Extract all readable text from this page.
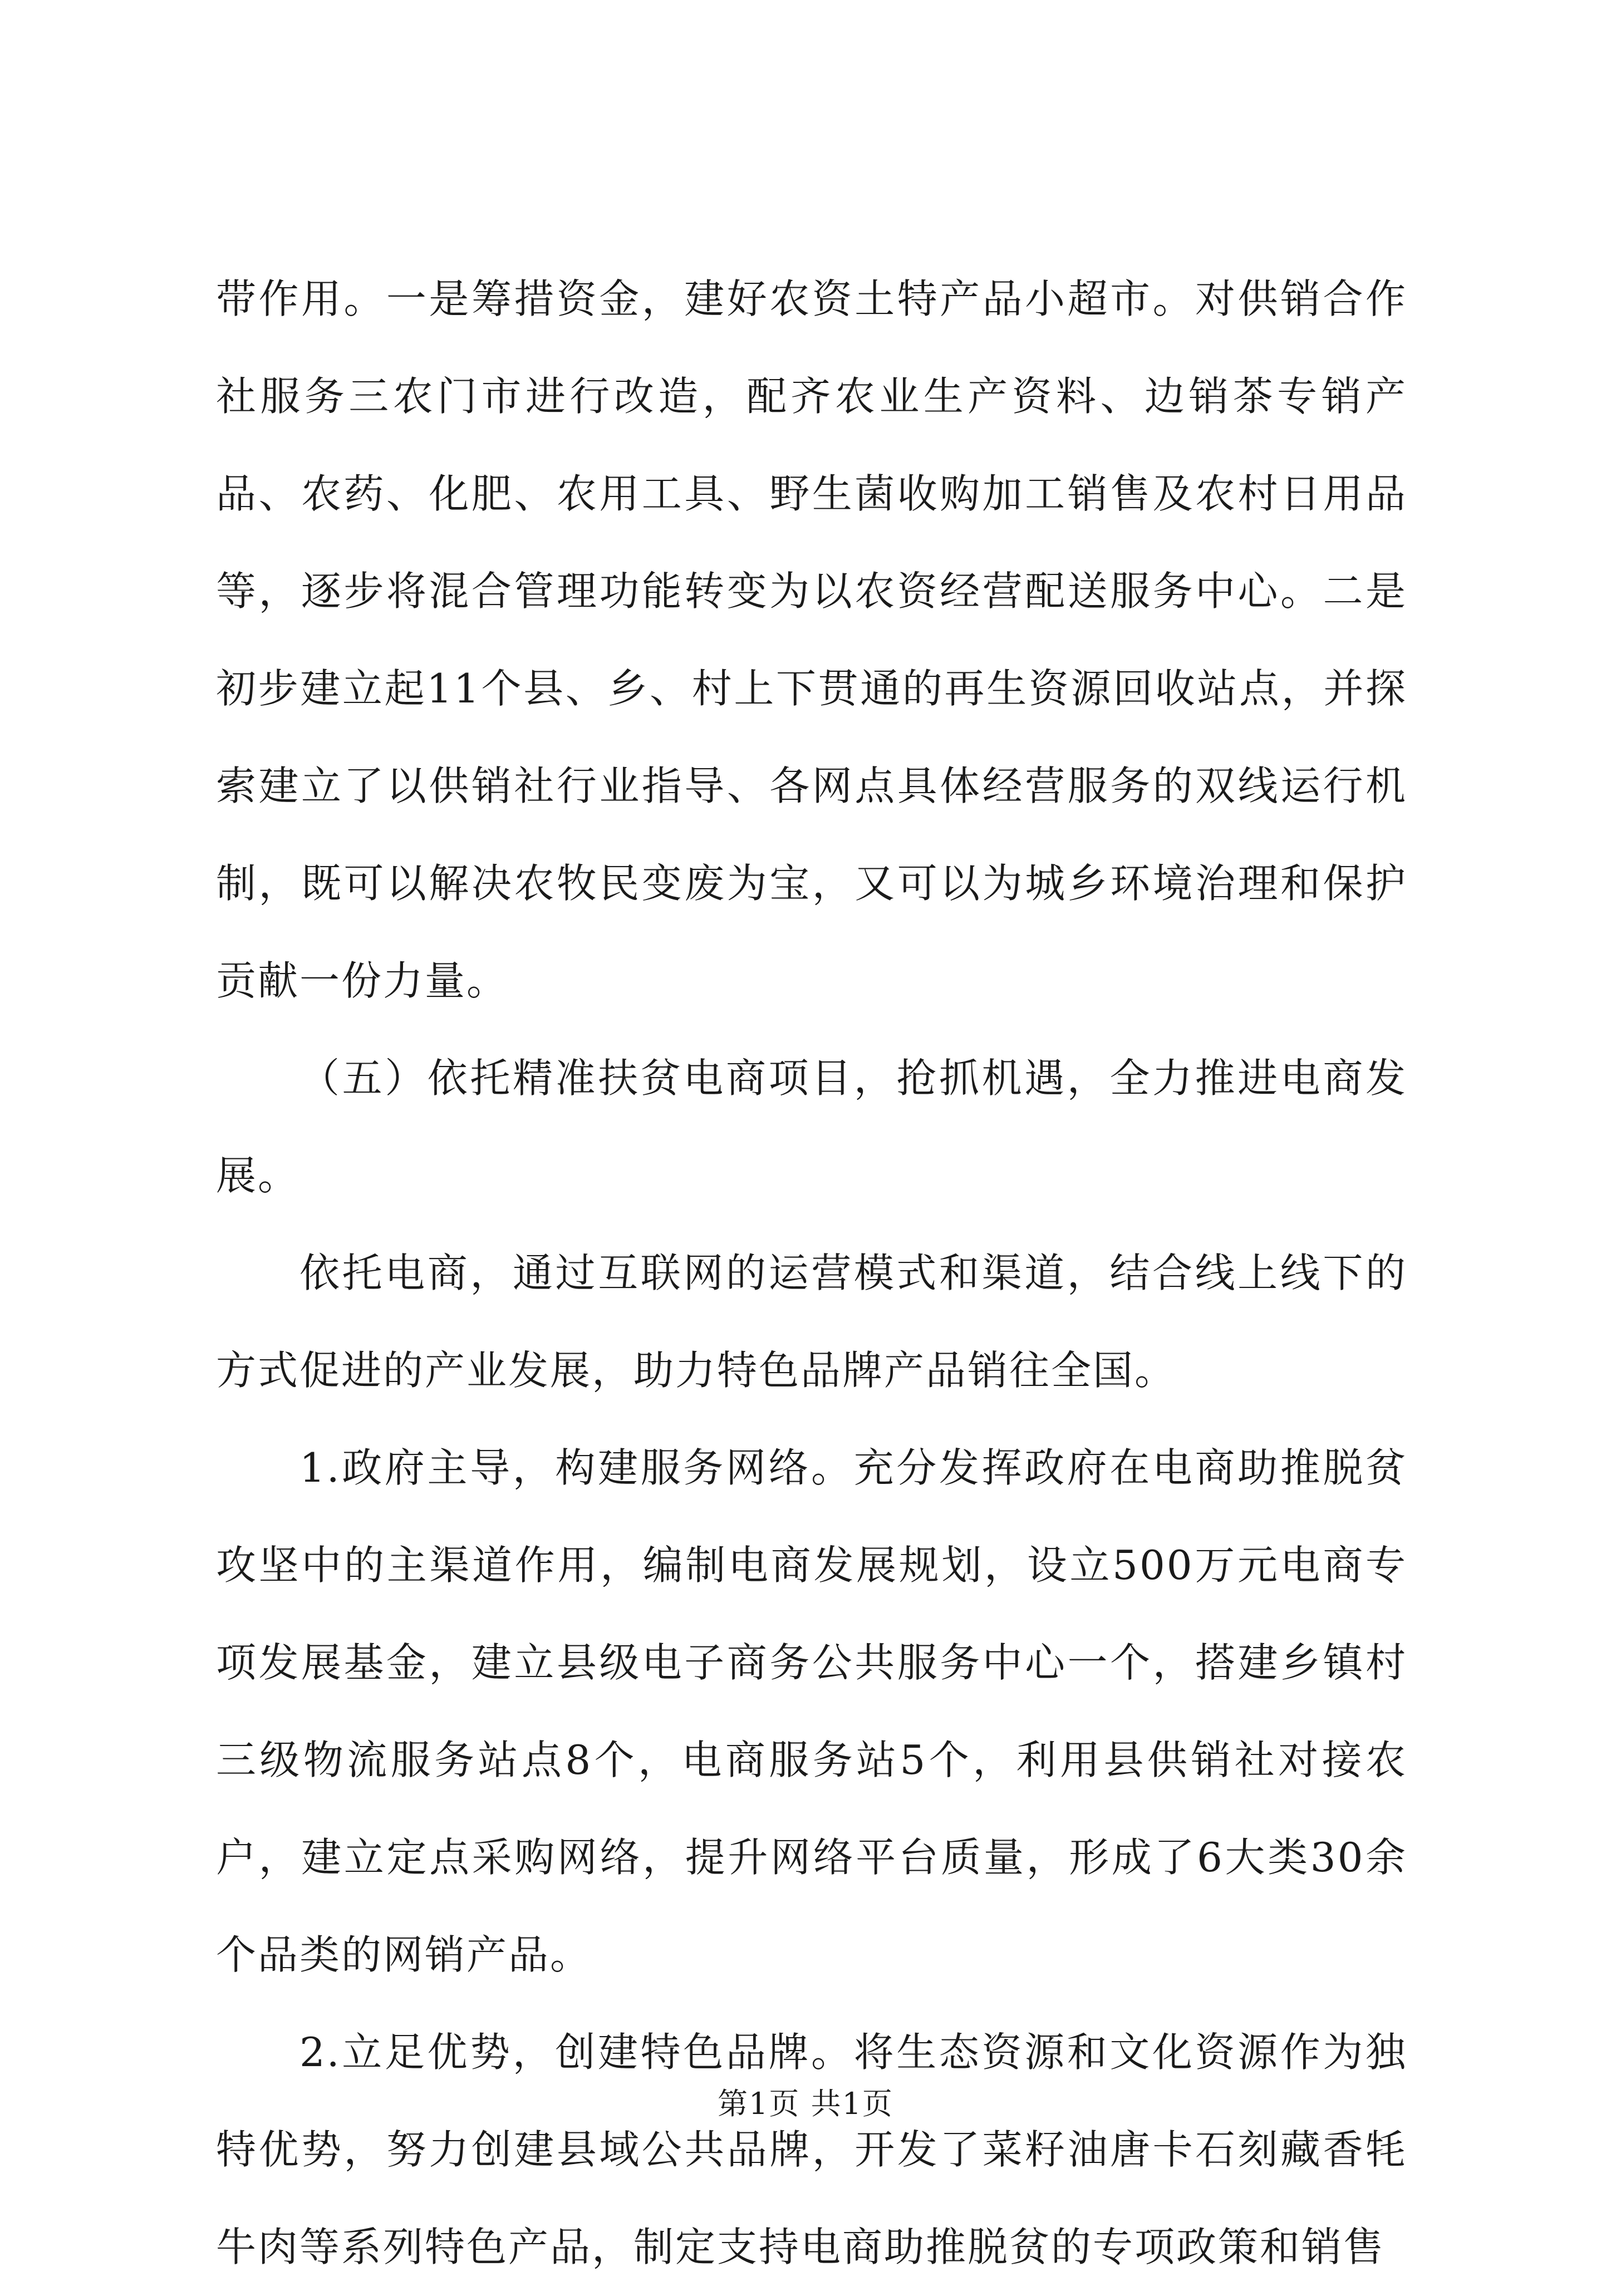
带作用。一是筹措资金，建好农资土特产品小超市。对供销合作社服务三农门市进行改造，配齐农业生产资料、边销茶专销产品、农药、化肥、农用工具、野生菌收购加工销售及农村日用品等，逐步将混合管理功能转变为以农资经营配送服务中心。二是初步建立起11个县、乡、村上下贯通的再生资源回收站点，并探索建立了以供销社行业指导、各网点具体经营服务的双线运行机制，既可以解决农牧民变废为宝，又可以为城乡环境治理和保护贡献一份力量。

（五）依托精准扶贫电商项目，抢抓机遇，全力推进电商发展。

依托电商，通过互联网的运营模式和渠道，结合线上线下的方式促进的产业发展，助力特色品牌产品销往全国。

1.政府主导，构建服务网络。充分发挥政府在电商助推脱贫攻坚中的主渠道作用，编制电商发展规划，设立500万元电商专项发展基金，建立县级电子商务公共服务中心一个，搭建乡镇村三级物流服务站点8个，电商服务站5个，利用县供销社对接农户，建立定点采购网络，提升网络平台质量，形成了6大类30余个品类的网销产品。

2.立足优势，创建特色品牌。将生态资源和文化资源作为独特优势，努力创建县域公共品牌，开发了菜籽油唐卡石刻藏香牦牛肉等系列特色产品，制定支持电商助推脱贫的专项政策和销售

第1页 共1页
